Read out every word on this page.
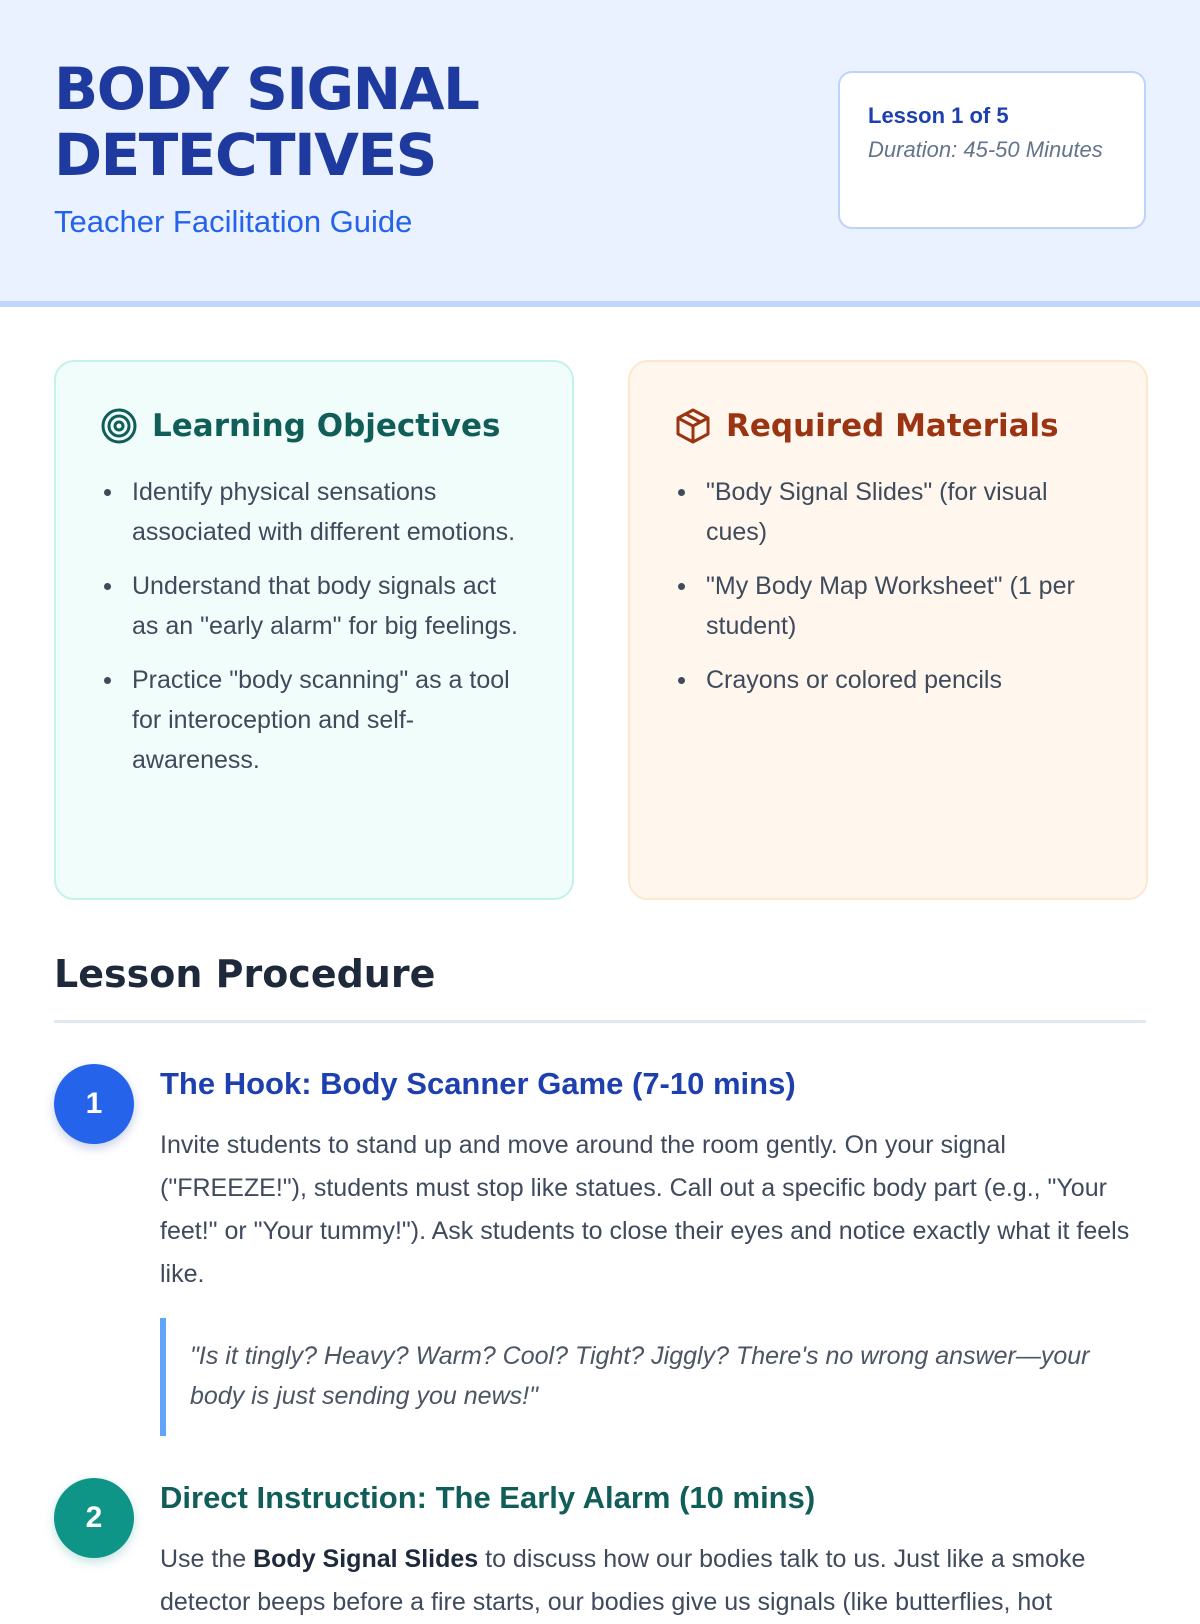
BODY SIGNAL DETECTIVES
Teacher Facilitation Guide
Lesson 1 of 5
Duration: 45-50 Minutes
Learning Objectives
Identify physical sensations associated with different emotions.
Understand that body signals act as an "early alarm" for big feelings.
Practice "body scanning" as a tool for interoception and self-awareness.
Required Materials
"Body Signal Slides" (for visual cues)
"My Body Map Worksheet" (1 per student)
Crayons or colored pencils
Lesson Procedure
1
The Hook: Body Scanner Game (7-10 mins)

Invite students to stand up and move around the room gently. On your signal ("FREEZE!"), students must stop like statues. Call out a specific body part (e.g., "Your feet!" or "Your tummy!"). Ask students to close their eyes and notice exactly what it feels like.

"Is it tingly? Heavy? Warm? Cool? Tight? Jiggly? There's no wrong answer—your body is just sending you news!"
2
Direct Instruction: The Early Alarm (10 mins)

Use the Body Signal Slides to discuss how our bodies talk to us. Just like a smoke detector beeps before a fire starts, our bodies give us signals (like butterflies, hot
